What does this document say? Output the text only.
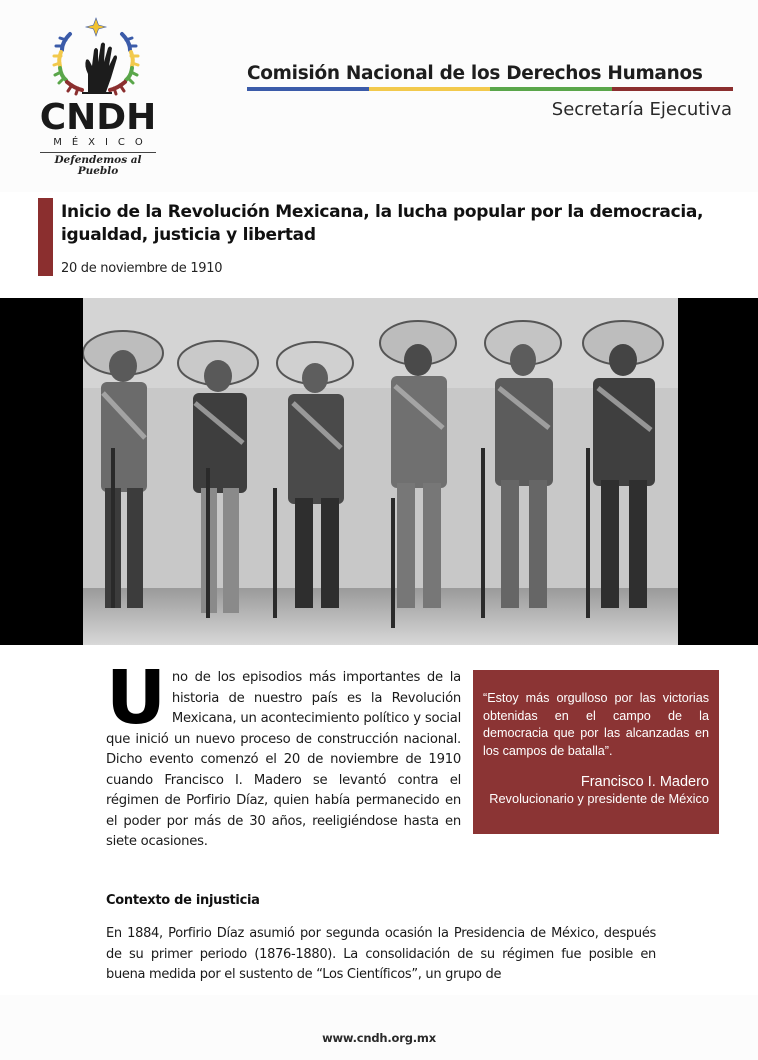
CNDH
MÉXICO
Defendemos al Pueblo
Comisión Nacional de los Derechos Humanos
Secretaría Ejecutiva
Inicio de la Revolución Mexicana, la lucha popular por la democracia, igualdad, justicia y libertad
20 de noviembre de 1910
Uno de los episodios más importantes de la historia de nuestro país es la Revolución Mexicana, un acontecimiento político y social que inició un nuevo proceso de construcción nacional. Dicho evento comenzó el 20 de noviembre de 1910 cuando Francisco I. Madero se levantó contra el régimen de Porfirio Díaz, quien había permanecido en el poder por más de 30 años, reeligiéndose hasta en siete ocasiones.
“Estoy más orgulloso por las victorias obtenidas en el campo de la democracia que por las alcanzadas en los campos de batalla”.
Francisco I. Madero
Revolucionario y presidente de México
Contexto de injusticia

En 1884, Porfirio Díaz asumió por segunda ocasión la Presidencia de México, después de su primer periodo (1876-1880). La consolidación de su régimen fue posible en buena medida por el sustento de “Los Científicos”, un grupo de

www.cndh.org.mx
